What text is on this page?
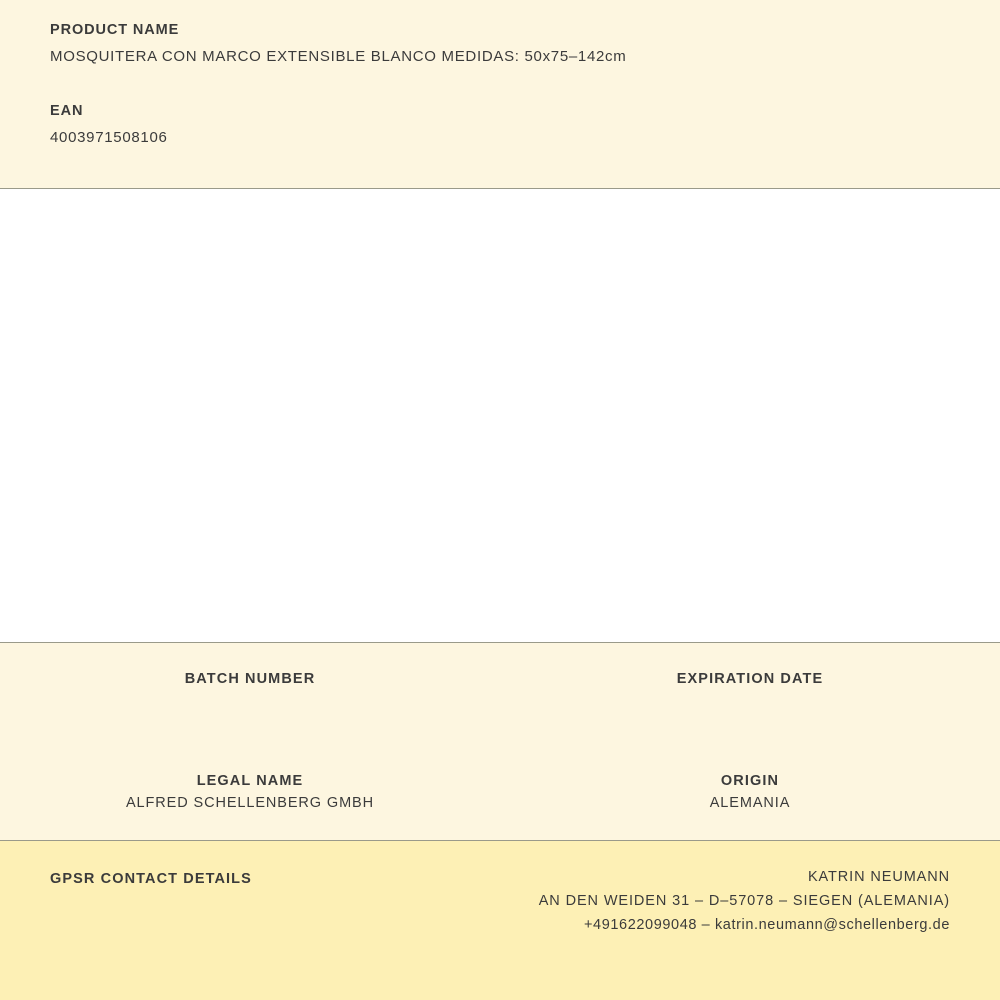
PRODUCT NAME

MOSQUITERA CON MARCO EXTENSIBLE BLANCO MEDIDAS: 50x75–142cm

EAN

4003971508106

BATCH NUMBER	EXPIRATION DATE

LEGAL NAME

ALFRED SCHELLENBERG GMBH

ORIGIN

ALEMANIA

GPSR CONTACT DETAILS	KATRIN NEUMANN

AN DEN WEIDEN 31 – D–57078 – SIEGEN (ALEMANIA)

+491622099048 – katrin.neumann@schellenberg.de
